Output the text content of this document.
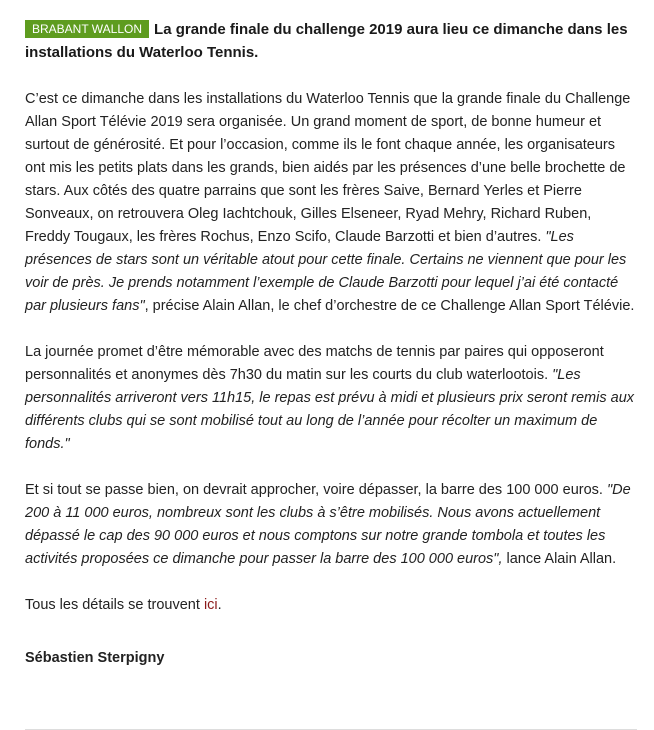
BRABANT WALLON La grande finale du challenge 2019 aura lieu ce dimanche dans les installations du Waterloo Tennis.

C’est ce dimanche dans les installations du Waterloo Tennis que la grande finale du Challenge Allan Sport Télévie 2019 sera organisée. Un grand moment de sport, de bonne humeur et surtout de générosité. Et pour l’occasion, comme ils le font chaque année, les organisateurs ont mis les petits plats dans les grands, bien aidés par les présences d’une belle brochette de stars. Aux côtés des quatre parrains que sont les frères Saive, Bernard Yerles et Pierre Sonveaux, on retrouvera Oleg Iachtchouk, Gilles Elseneer, Ryad Mehry, Richard Ruben, Freddy Tougaux, les frères Rochus, Enzo Scifo, Claude Barzotti et bien d’autres. "Les présences de stars sont un véritable atout pour cette finale. Certains ne viennent que pour les voir de près. Je prends notamment l’exemple de Claude Barzotti pour lequel j’ai été contacté par plusieurs fans", précise Alain Allan, le chef d’orchestre de ce Challenge Allan Sport Télévie.

La journée promet d’être mémorable avec des matchs de tennis par paires qui opposeront personnalités et anonymes dès 7h30 du matin sur les courts du club waterlootois. "Les personnalités arriveront vers 11h15, le repas est prévu à midi et plusieurs prix seront remis aux différents clubs qui se sont mobilisé tout au long de l’année pour récolter un maximum de fonds."

Et si tout se passe bien, on devrait approcher, voire dépasser, la barre des 100 000 euros. "De 200 à 11 000 euros, nombreux sont les clubs à s’être mobilisés. Nous avons actuellement dépassé le cap des 90 000 euros et nous comptons sur notre grande tombola et toutes les activités proposées ce dimanche pour passer la barre des 100 000 euros", lance Alain Allan.

Tous les détails se trouvent ici.

Sébastien Sterpigny
